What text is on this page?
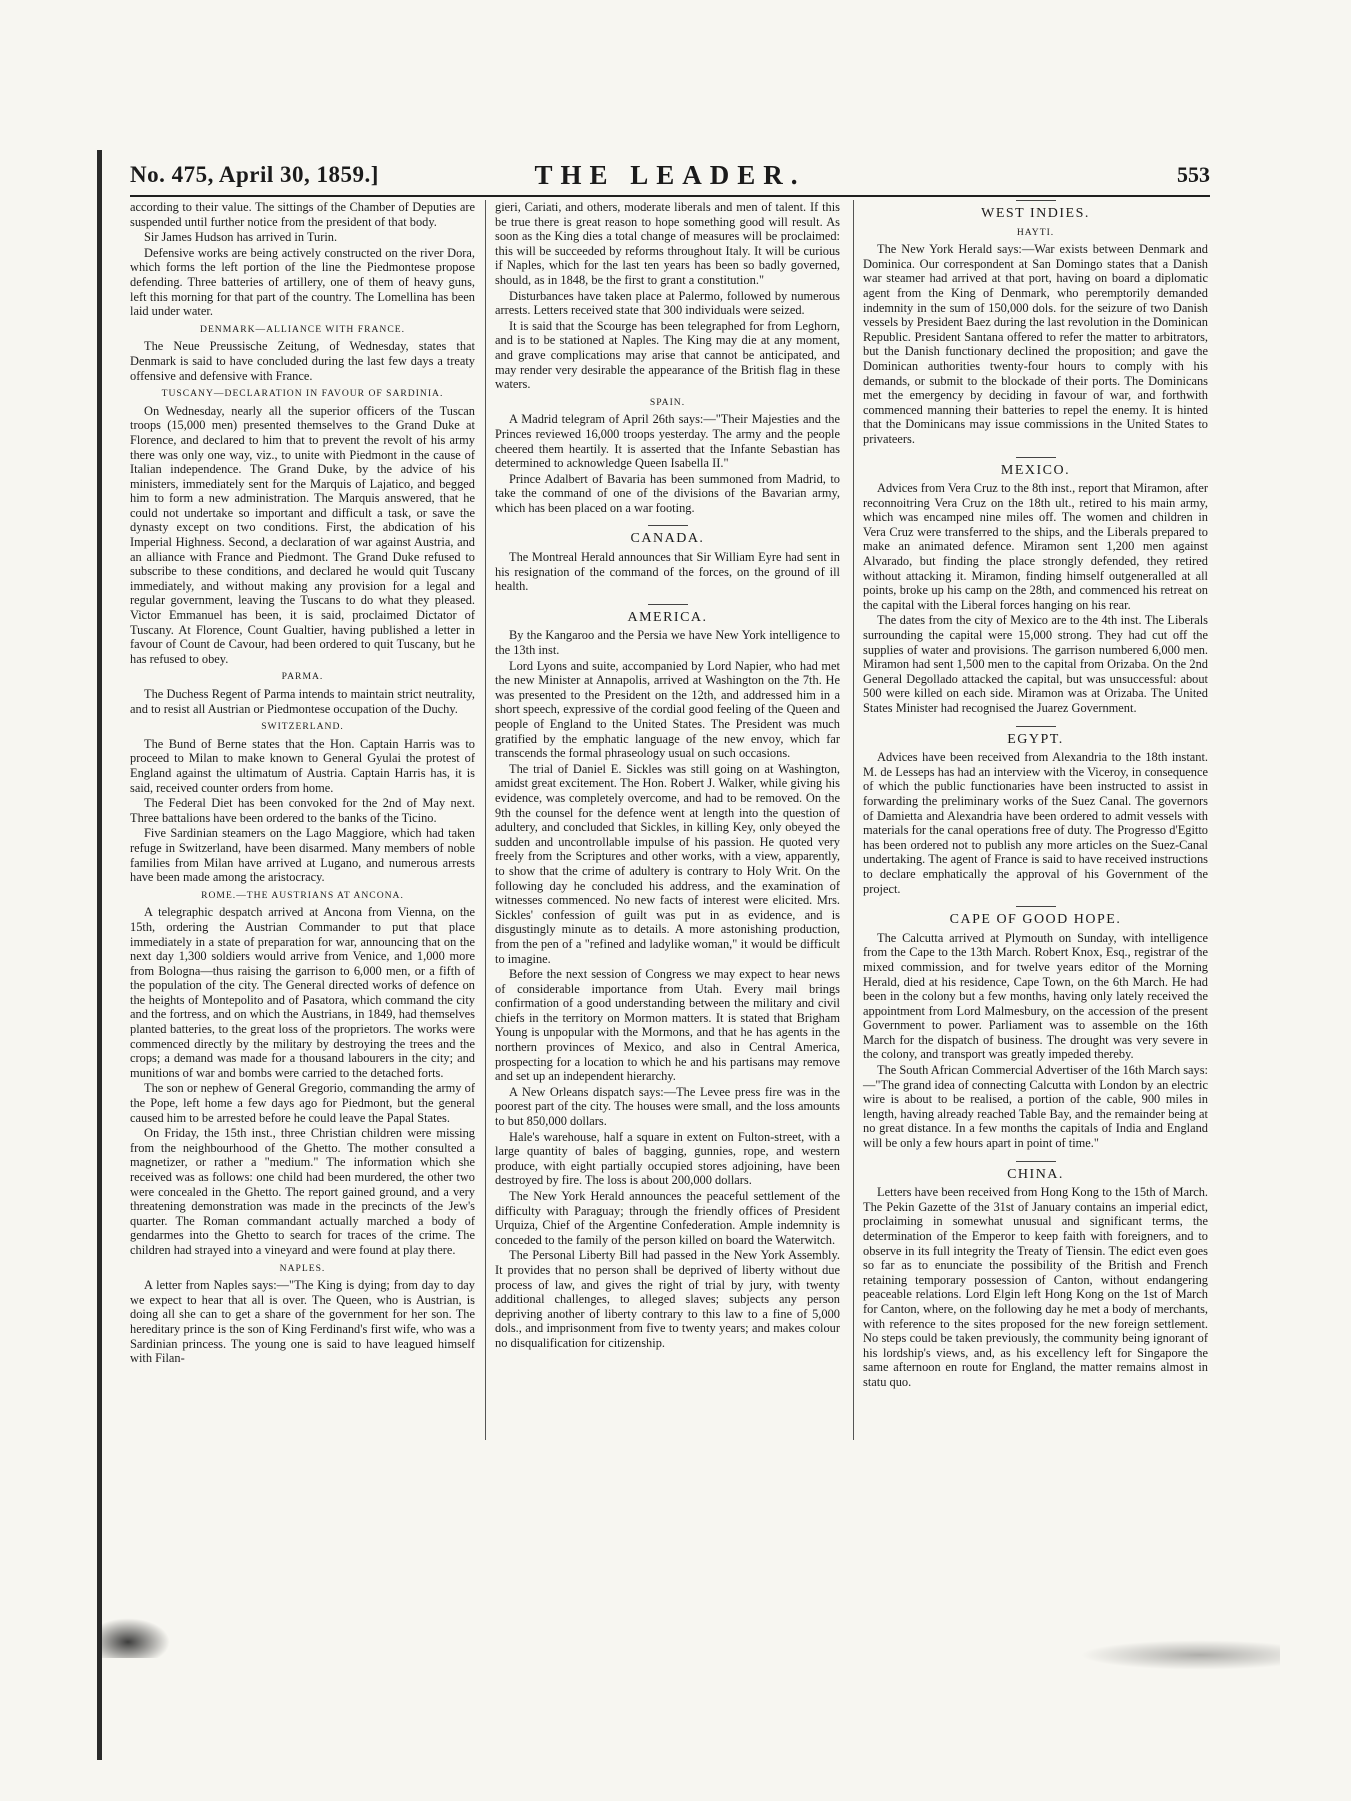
No. 475, April 30, 1859.]	THE LEADER.	553

according to their value. The sittings of the Chamber of Deputies are suspended until further notice from the president of that body.

Sir James Hudson has arrived in Turin.

Defensive works are being actively constructed on the river Dora, which forms the left portion of the line the Piedmontese propose defending. Three batteries of artillery, one of them of heavy guns, left this morning for that part of the country. The Lomellina has been laid under water.

DENMARK—ALLIANCE WITH FRANCE.

The Neue Preussische Zeitung, of Wednesday, states that Denmark is said to have concluded during the last few days a treaty offensive and defensive with France.

TUSCANY—DECLARATION IN FAVOUR OF SARDINIA.

On Wednesday, nearly all the superior officers of the Tuscan troops (15,000 men) presented themselves to the Grand Duke at Florence, and declared to him that to prevent the revolt of his army there was only one way, viz., to unite with Piedmont in the cause of Italian independence. The Grand Duke, by the advice of his ministers, immediately sent for the Marquis of Lajatico, and begged him to form a new administration. The Marquis answered, that he could not undertake so important and difficult a task, or save the dynasty except on two conditions. First, the abdication of his Imperial Highness. Second, a declaration of war against Austria, and an alliance with France and Piedmont. The Grand Duke refused to subscribe to these conditions, and declared he would quit Tuscany immediately, and without making any provision for a legal and regular government, leaving the Tuscans to do what they pleased. Victor Emmanuel has been, it is said, proclaimed Dictator of Tuscany. At Florence, Count Gualtier, having published a letter in favour of Count de Cavour, had been ordered to quit Tuscany, but he has refused to obey.

PARMA.

The Duchess Regent of Parma intends to maintain strict neutrality, and to resist all Austrian or Piedmontese occupation of the Duchy.

SWITZERLAND.

The Bund of Berne states that the Hon. Captain Harris was to proceed to Milan to make known to General Gyulai the protest of England against the ultimatum of Austria. Captain Harris has, it is said, received counter orders from home.

The Federal Diet has been convoked for the 2nd of May next. Three battalions have been ordered to the banks of the Ticino.

Five Sardinian steamers on the Lago Maggiore, which had taken refuge in Switzerland, have been disarmed. Many members of noble families from Milan have arrived at Lugano, and numerous arrests have been made among the aristocracy.

ROME.—THE AUSTRIANS AT ANCONA.

A telegraphic despatch arrived at Ancona from Vienna, on the 15th, ordering the Austrian Commander to put that place immediately in a state of preparation for war, announcing that on the next day 1,300 soldiers would arrive from Venice, and 1,000 more from Bologna—thus raising the garrison to 6,000 men, or a fifth of the population of the city. The General directed works of defence on the heights of Montepolito and of Pasatora, which command the city and the fortress, and on which the Austrians, in 1849, had themselves planted batteries, to the great loss of the proprietors. The works were commenced directly by the military by destroying the trees and the crops; a demand was made for a thousand labourers in the city; and munitions of war and bombs were carried to the detached forts.

The son or nephew of General Gregorio, commanding the army of the Pope, left home a few days ago for Piedmont, but the general caused him to be arrested before he could leave the Papal States.

On Friday, the 15th inst., three Christian children were missing from the neighbourhood of the Ghetto. The mother consulted a magnetizer, or rather a "medium." The information which she received was as follows: one child had been murdered, the other two were concealed in the Ghetto. The report gained ground, and a very threatening demonstration was made in the precincts of the Jew's quarter. The Roman commandant actually marched a body of gendarmes into the Ghetto to search for traces of the crime. The children had strayed into a vineyard and were found at play there.

NAPLES.

A letter from Naples says:—"The King is dying; from day to day we expect to hear that all is over. The Queen, who is Austrian, is doing all she can to get a share of the government for her son. The hereditary prince is the son of King Ferdinand's first wife, who was a Sardinian princess. The young one is said to have leagued himself with Filan-

gieri, Cariati, and others, moderate liberals and men of talent. If this be true there is great reason to hope something good will result. As soon as the King dies a total change of measures will be proclaimed: this will be succeeded by reforms throughout Italy. It will be curious if Naples, which for the last ten years has been so badly governed, should, as in 1848, be the first to grant a constitution."

Disturbances have taken place at Palermo, followed by numerous arrests. Letters received state that 300 individuals were seized.

It is said that the Scourge has been telegraphed for from Leghorn, and is to be stationed at Naples. The King may die at any moment, and grave complications may arise that cannot be anticipated, and may render very desirable the appearance of the British flag in these waters.

SPAIN.

A Madrid telegram of April 26th says:—"Their Majesties and the Princes reviewed 16,000 troops yesterday. The army and the people cheered them heartily. It is asserted that the Infante Sebastian has determined to acknowledge Queen Isabella II."

Prince Adalbert of Bavaria has been summoned from Madrid, to take the command of one of the divisions of the Bavarian army, which has been placed on a war footing.

CANADA.

The Montreal Herald announces that Sir William Eyre had sent in his resignation of the command of the forces, on the ground of ill health.

AMERICA.

By the Kangaroo and the Persia we have New York intelligence to the 13th inst.

Lord Lyons and suite, accompanied by Lord Napier, who had met the new Minister at Annapolis, arrived at Washington on the 7th. He was presented to the President on the 12th, and addressed him in a short speech, expressive of the cordial good feeling of the Queen and people of England to the United States. The President was much gratified by the emphatic language of the new envoy, which far transcends the formal phraseology usual on such occasions.

The trial of Daniel E. Sickles was still going on at Washington, amidst great excitement. The Hon. Robert J. Walker, while giving his evidence, was completely overcome, and had to be removed. On the 9th the counsel for the defence went at length into the question of adultery, and concluded that Sickles, in killing Key, only obeyed the sudden and uncontrollable impulse of his passion. He quoted very freely from the Scriptures and other works, with a view, apparently, to show that the crime of adultery is contrary to Holy Writ. On the following day he concluded his address, and the examination of witnesses commenced. No new facts of interest were elicited. Mrs. Sickles' confession of guilt was put in as evidence, and is disgustingly minute as to details. A more astonishing production, from the pen of a "refined and ladylike woman," it would be difficult to imagine.

Before the next session of Congress we may expect to hear news of considerable importance from Utah. Every mail brings confirmation of a good understanding between the military and civil chiefs in the territory on Mormon matters. It is stated that Brigham Young is unpopular with the Mormons, and that he has agents in the northern provinces of Mexico, and also in Central America, prospecting for a location to which he and his partisans may remove and set up an independent hierarchy.

A New Orleans dispatch says:—The Levee press fire was in the poorest part of the city. The houses were small, and the loss amounts to but 850,000 dollars.

Hale's warehouse, half a square in extent on Fulton-street, with a large quantity of bales of bagging, gunnies, rope, and western produce, with eight partially occupied stores adjoining, have been destroyed by fire. The loss is about 200,000 dollars.

The New York Herald announces the peaceful settlement of the difficulty with Paraguay; through the friendly offices of President Urquiza, Chief of the Argentine Confederation. Ample indemnity is conceded to the family of the person killed on board the Waterwitch.

The Personal Liberty Bill had passed in the New York Assembly. It provides that no person shall be deprived of liberty without due process of law, and gives the right of trial by jury, with twenty additional challenges, to alleged slaves; subjects any person depriving another of liberty contrary to this law to a fine of 5,000 dols., and imprisonment from five to twenty years; and makes colour no disqualification for citizenship.

WEST INDIES.
HAYTI.

The New York Herald says:—War exists between Denmark and Dominica. Our correspondent at San Domingo states that a Danish war steamer had arrived at that port, having on board a diplomatic agent from the King of Denmark, who peremptorily demanded indemnity in the sum of 150,000 dols. for the seizure of two Danish vessels by President Baez during the last revolution in the Dominican Republic. President Santana offered to refer the matter to arbitrators, but the Danish functionary declined the proposition; and gave the Dominican authorities twenty-four hours to comply with his demands, or submit to the blockade of their ports. The Dominicans met the emergency by deciding in favour of war, and forthwith commenced manning their batteries to repel the enemy. It is hinted that the Dominicans may issue commissions in the United States to privateers.

MEXICO.

Advices from Vera Cruz to the 8th inst., report that Miramon, after reconnoitring Vera Cruz on the 18th ult., retired to his main army, which was encamped nine miles off. The women and children in Vera Cruz were transferred to the ships, and the Liberals prepared to make an animated defence. Miramon sent 1,200 men against Alvarado, but finding the place strongly defended, they retired without attacking it. Miramon, finding himself outgeneralled at all points, broke up his camp on the 28th, and commenced his retreat on the capital with the Liberal forces hanging on his rear.

The dates from the city of Mexico are to the 4th inst. The Liberals surrounding the capital were 15,000 strong. They had cut off the supplies of water and provisions. The garrison numbered 6,000 men. Miramon had sent 1,500 men to the capital from Orizaba. On the 2nd General Degollado attacked the capital, but was unsuccessful: about 500 were killed on each side. Miramon was at Orizaba. The United States Minister had recognised the Juarez Government.

EGYPT.

Advices have been received from Alexandria to the 18th instant. M. de Lesseps has had an interview with the Viceroy, in consequence of which the public functionaries have been instructed to assist in forwarding the preliminary works of the Suez Canal. The governors of Damietta and Alexandria have been ordered to admit vessels with materials for the canal operations free of duty. The Progresso d'Egitto has been ordered not to publish any more articles on the Suez-Canal undertaking. The agent of France is said to have received instructions to declare emphatically the approval of his Government of the project.

CAPE OF GOOD HOPE.

The Calcutta arrived at Plymouth on Sunday, with intelligence from the Cape to the 13th March. Robert Knox, Esq., registrar of the mixed commission, and for twelve years editor of the Morning Herald, died at his residence, Cape Town, on the 6th March. He had been in the colony but a few months, having only lately received the appointment from Lord Malmesbury, on the accession of the present Government to power. Parliament was to assemble on the 16th March for the dispatch of business. The drought was very severe in the colony, and transport was greatly impeded thereby.

The South African Commercial Advertiser of the 16th March says:—"The grand idea of connecting Calcutta with London by an electric wire is about to be realised, a portion of the cable, 900 miles in length, having already reached Table Bay, and the remainder being at no great distance. In a few months the capitals of India and England will be only a few hours apart in point of time."

CHINA.

Letters have been received from Hong Kong to the 15th of March. The Pekin Gazette of the 31st of January contains an imperial edict, proclaiming in somewhat unusual and significant terms, the determination of the Emperor to keep faith with foreigners, and to observe in its full integrity the Treaty of Tiensin. The edict even goes so far as to enunciate the possibility of the British and French retaining temporary possession of Canton, without endangering peaceable relations. Lord Elgin left Hong Kong on the 1st of March for Canton, where, on the following day he met a body of merchants, with reference to the sites proposed for the new foreign settlement. No steps could be taken previously, the community being ignorant of his lordship's views, and, as his excellency left for Singapore the same afternoon en route for England, the matter remains almost in statu quo.
